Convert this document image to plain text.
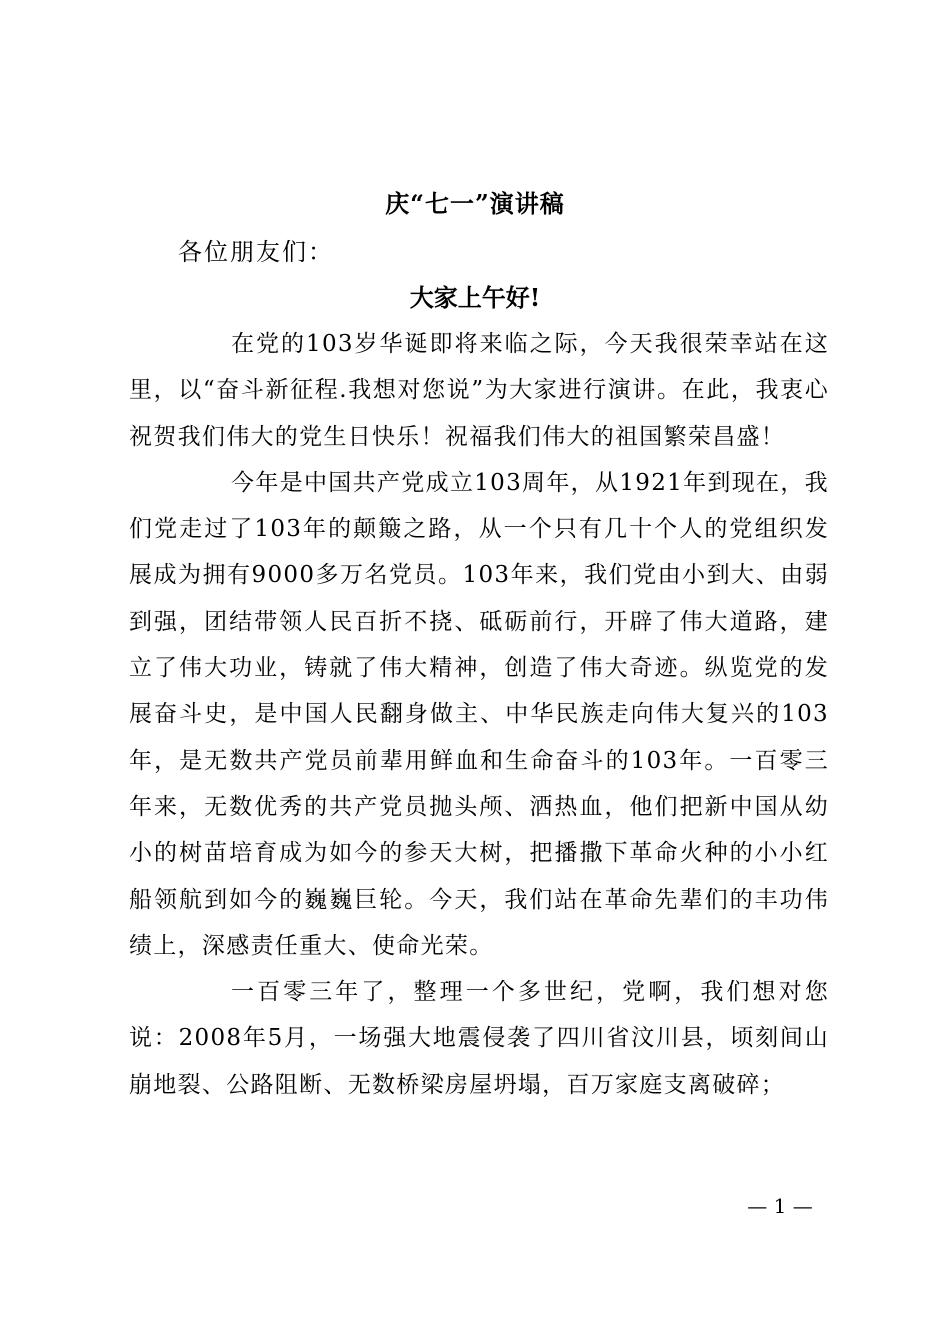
庆“七一”演讲稿
各位朋友们：
大家上午好!

在党的103岁华诞即将来临之际，今天我很荣幸站在这里，以“奋斗新征程.我想对您说”为大家进行演讲。在此，我衷心祝贺我们伟大的党生日快乐！祝福我们伟大的祖国繁荣昌盛！

今年是中国共产党成立103周年，从1921年到现在，我们党走过了103年的颠簸之路，从一个只有几十个人的党组织发展成为拥有9000多万名党员。103年来，我们党由小到大、由弱到强，团结带领人民百折不挠、砥砺前行，开辟了伟大道路，建立了伟大功业，铸就了伟大精神，创造了伟大奇迹。纵览党的发展奋斗史，是中国人民翻身做主、中华民族走向伟大复兴的103年，是无数共产党员前辈用鲜血和生命奋斗的103年。一百零三年来，无数优秀的共产党员抛头颅、洒热血，他们把新中国从幼小的树苗培育成为如今的参天大树，把播撒下革命火种的小小红船领航到如今的巍巍巨轮。今天，我们站在革命先辈们的丰功伟绩上，深感责任重大、使命光荣。

一百零三年了，整理一个多世纪，党啊，我们想对您说：2008年5月，一场强大地震侵袭了四川省汶川县，顷刻间山崩地裂、公路阻断、无数桥梁房屋坍塌，百万家庭支离破碎；

— 1 —
